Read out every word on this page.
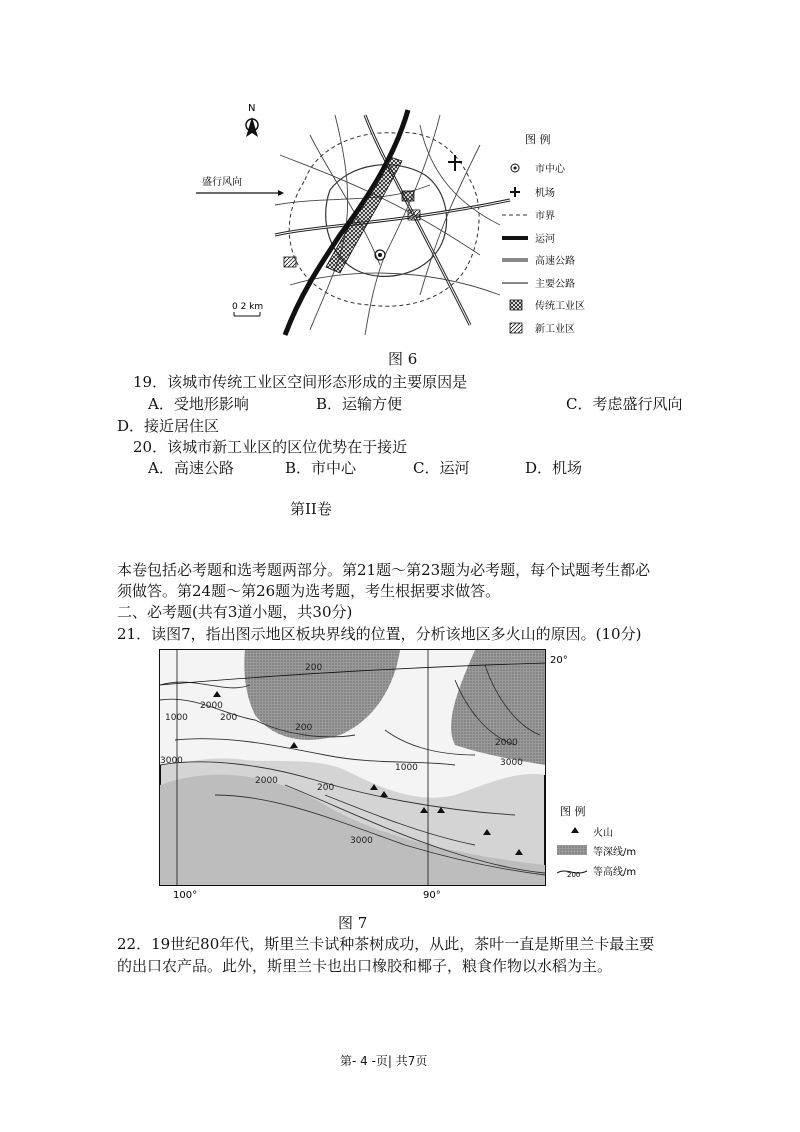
N
盛行风向
0 2 km
图 例
市中心
机场
市界
运河
高速公路
主要公路
传统工业区
新工业区
图 6
19．该城市传统工业区空间形态形成的主要原因是
A．受地形影响	B．运输方便	C．考虑盛行风向
D．接近居住区
20．该城市新工业区的区位优势在于接近
A．高速公路	B．市中心	C．运河	D．机场
第II卷
本卷包括必考题和选考题两部分。第21题～第23题为必考题，每个试题考生都必
须做答。第24题～第26题为选考题，考生根据要求做答。
二、必考题(共有3道小题，共30分)
21．读图7，指出图示地区板块界线的位置，分析该地区多火山的原因。(10分)
200
2000
1000
200
1000
2000
3000
200
200
2000
3000
3000
20°
100°	90°
图 例
火山
等深线/m
200 等高线/m
图 7
22．19世纪80年代，斯里兰卡试种茶树成功，从此，茶叶一直是斯里兰卡最主要
的出口农产品。此外，斯里兰卡也出口橡胶和椰子，粮食作物以水稻为主。
第- 4 -页| 共7页
